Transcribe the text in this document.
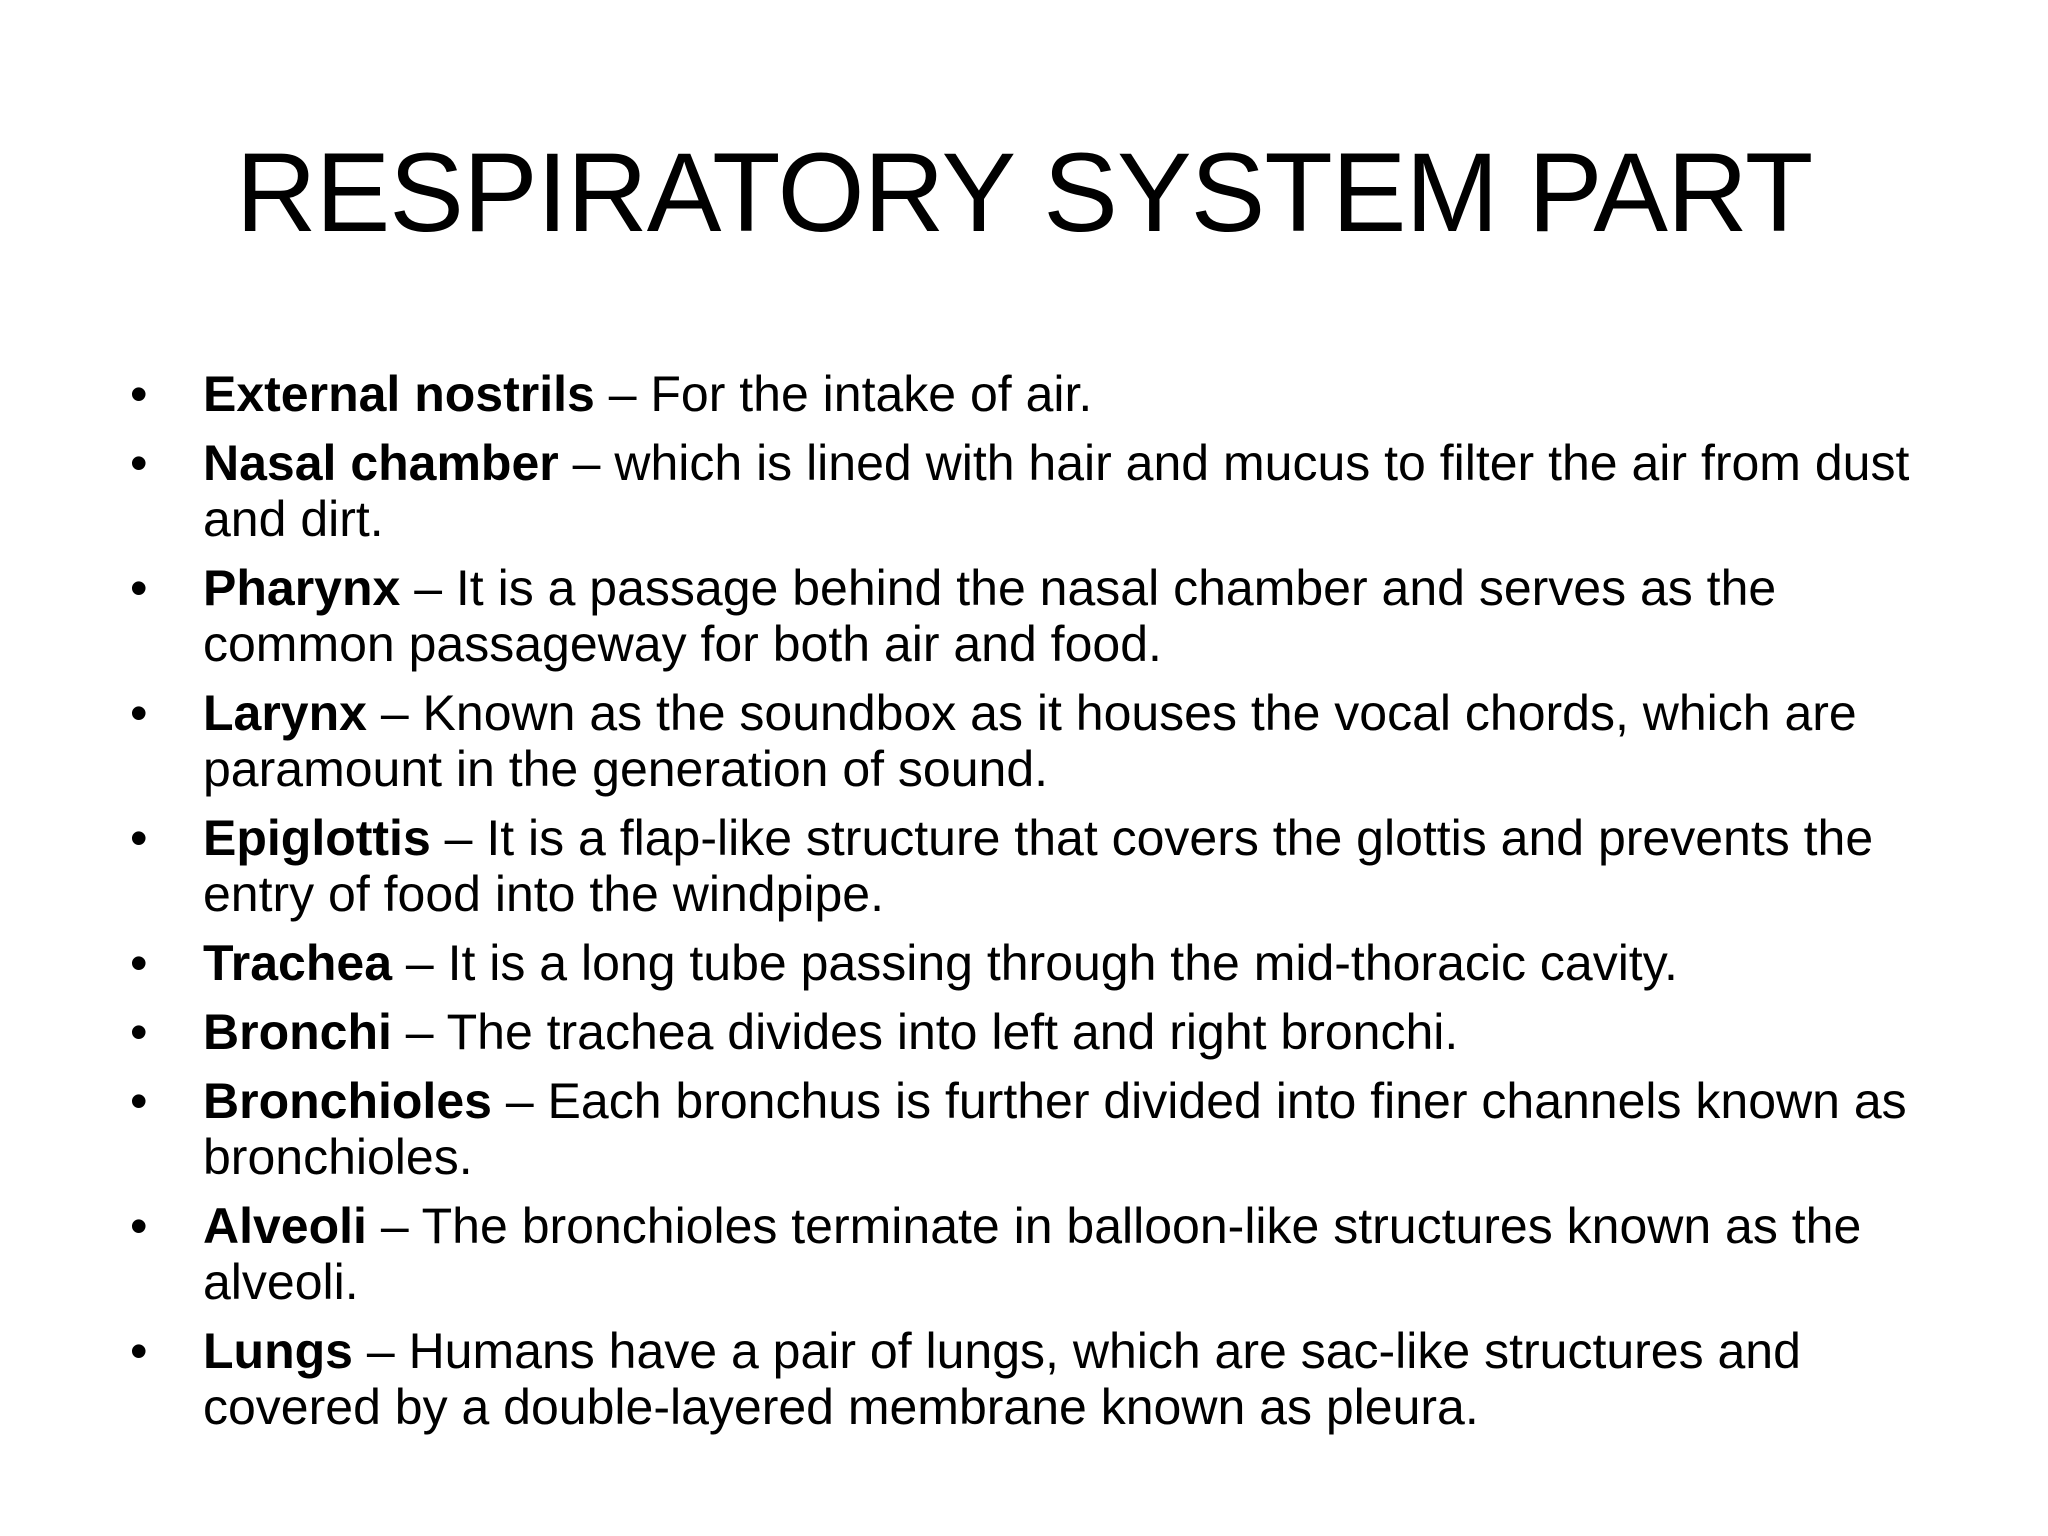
RESPIRATORY SYSTEM PART
•	External nostrils – For the intake of air.
•	Nasal chamber – which is lined with hair and mucus to filter the air from dust and dirt.
•	Pharynx – It is a passage behind the nasal chamber and serves as the common passageway for both air and food.
•	Larynx – Known as the soundbox as it houses the vocal chords, which are paramount in the generation of sound.
•	Epiglottis – It is a flap-like structure that covers the glottis and prevents the entry of food into the windpipe.
•	Trachea – It is a long tube passing through the mid-thoracic cavity.
•	Bronchi – The trachea divides into left and right bronchi.
•	Bronchioles – Each bronchus is further divided into finer channels known as bronchioles.
•	Alveoli – The bronchioles terminate in balloon-like structures known as the alveoli.
•	Lungs – Humans have a pair of lungs, which are sac-like structures and covered by a double-layered membrane known as pleura.
